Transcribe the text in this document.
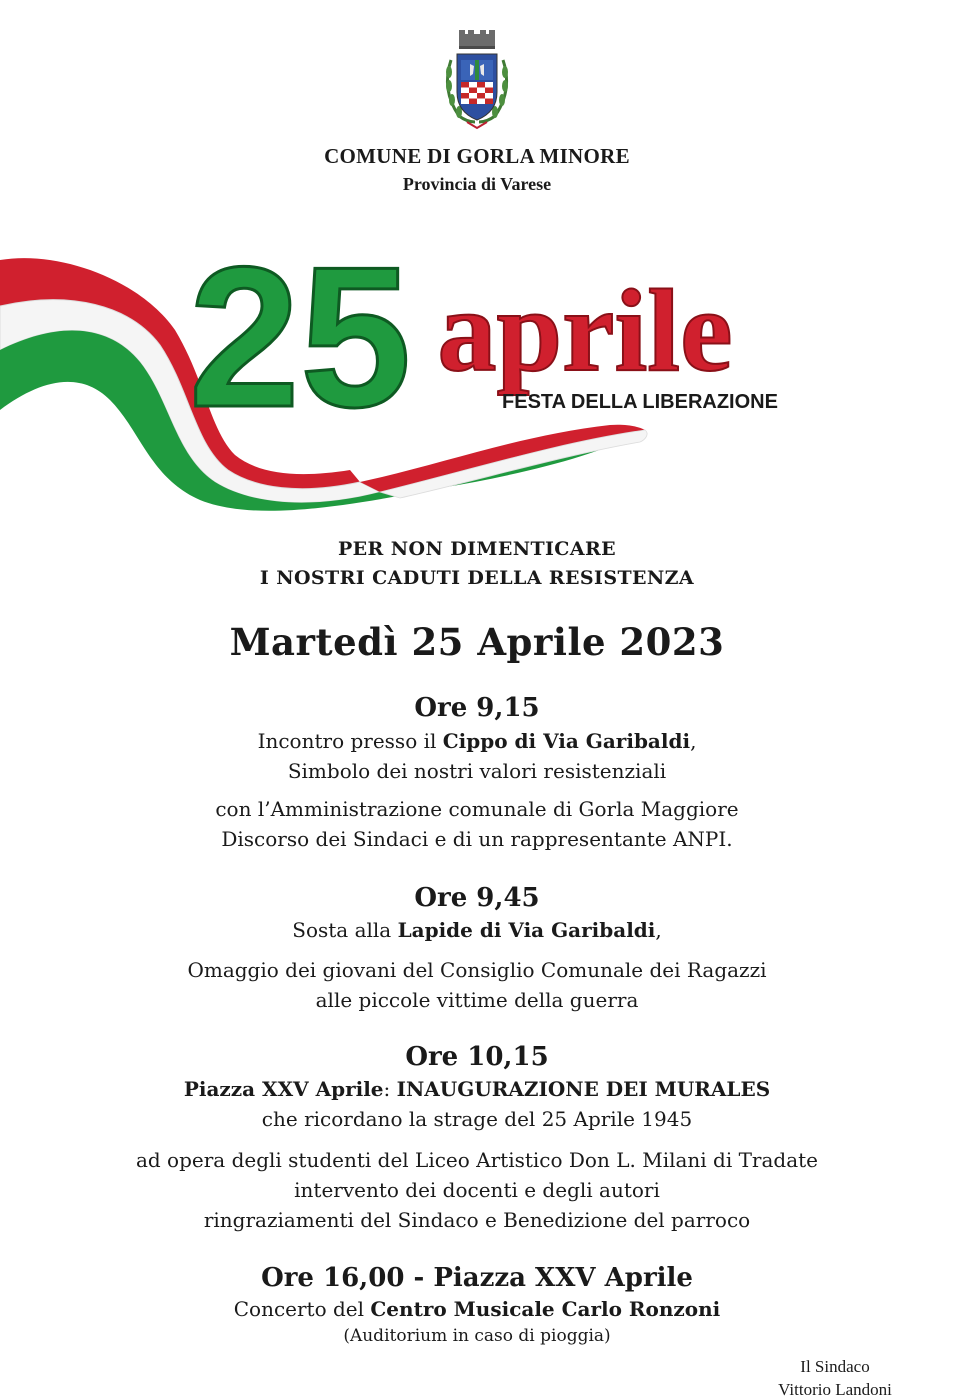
COMUNE DI GORLA MINORE
Provincia di Varese
25 aprile
FESTA DELLA LIBERAZIONE
PER NON DIMENTICARE
I NOSTRI CADUTI DELLA RESISTENZA
Martedì 25 Aprile 2023
Ore 9,15
Incontro presso il Cippo di Via Garibaldi,
Simbolo dei nostri valori resistenziali
con l’Amministrazione comunale di Gorla Maggiore
Discorso dei Sindaci e di un rappresentante ANPI.
Ore 9,45
Sosta alla Lapide di Via Garibaldi,
Omaggio dei giovani del Consiglio Comunale dei Ragazzi
alle piccole vittime della guerra
Ore 10,15
Piazza XXV Aprile: INAUGURAZIONE DEI MURALES
che ricordano la strage del 25 Aprile 1945
ad opera degli studenti del Liceo Artistico Don L. Milani di Tradate
intervento dei docenti e degli autori
ringraziamenti del Sindaco e Benedizione del parroco
Ore 16,00 - Piazza XXV Aprile
Concerto del Centro Musicale Carlo Ronzoni
(Auditorium in caso di pioggia)
Il Sindaco
Vittorio Landoni
